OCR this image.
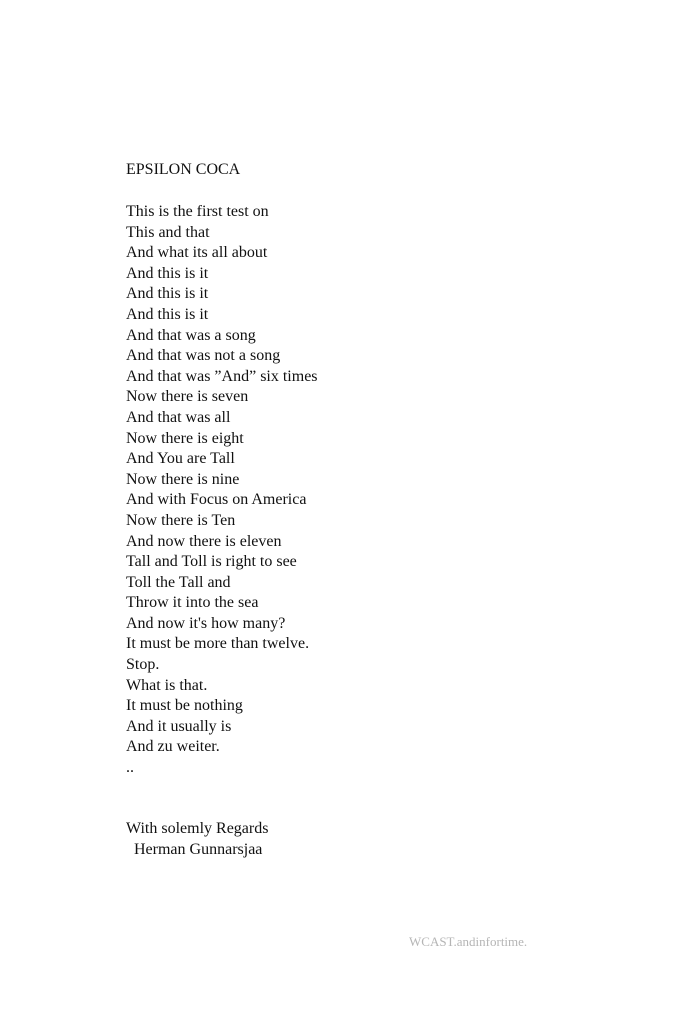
EPSILON COCA
This is the first test on
This and that
And what its all about
And this is it
And this is it
And this is it
And that was a song
And that was not a song
And that was ”And” six times
Now there is seven
And that was all
Now there is eight
And You are Tall
Now there is nine
And with Focus on America
Now there is Ten
And now there is eleven
Tall and Toll is right to see
Toll the Tall and
Throw it into the sea
And now it's how many?
It must be more than twelve.
Stop.
What is that.
It must be nothing
And it usually is
And zu weiter.
..
With solemly Regards
Herman Gunnarsjaa
WCAST.andinfortime.
